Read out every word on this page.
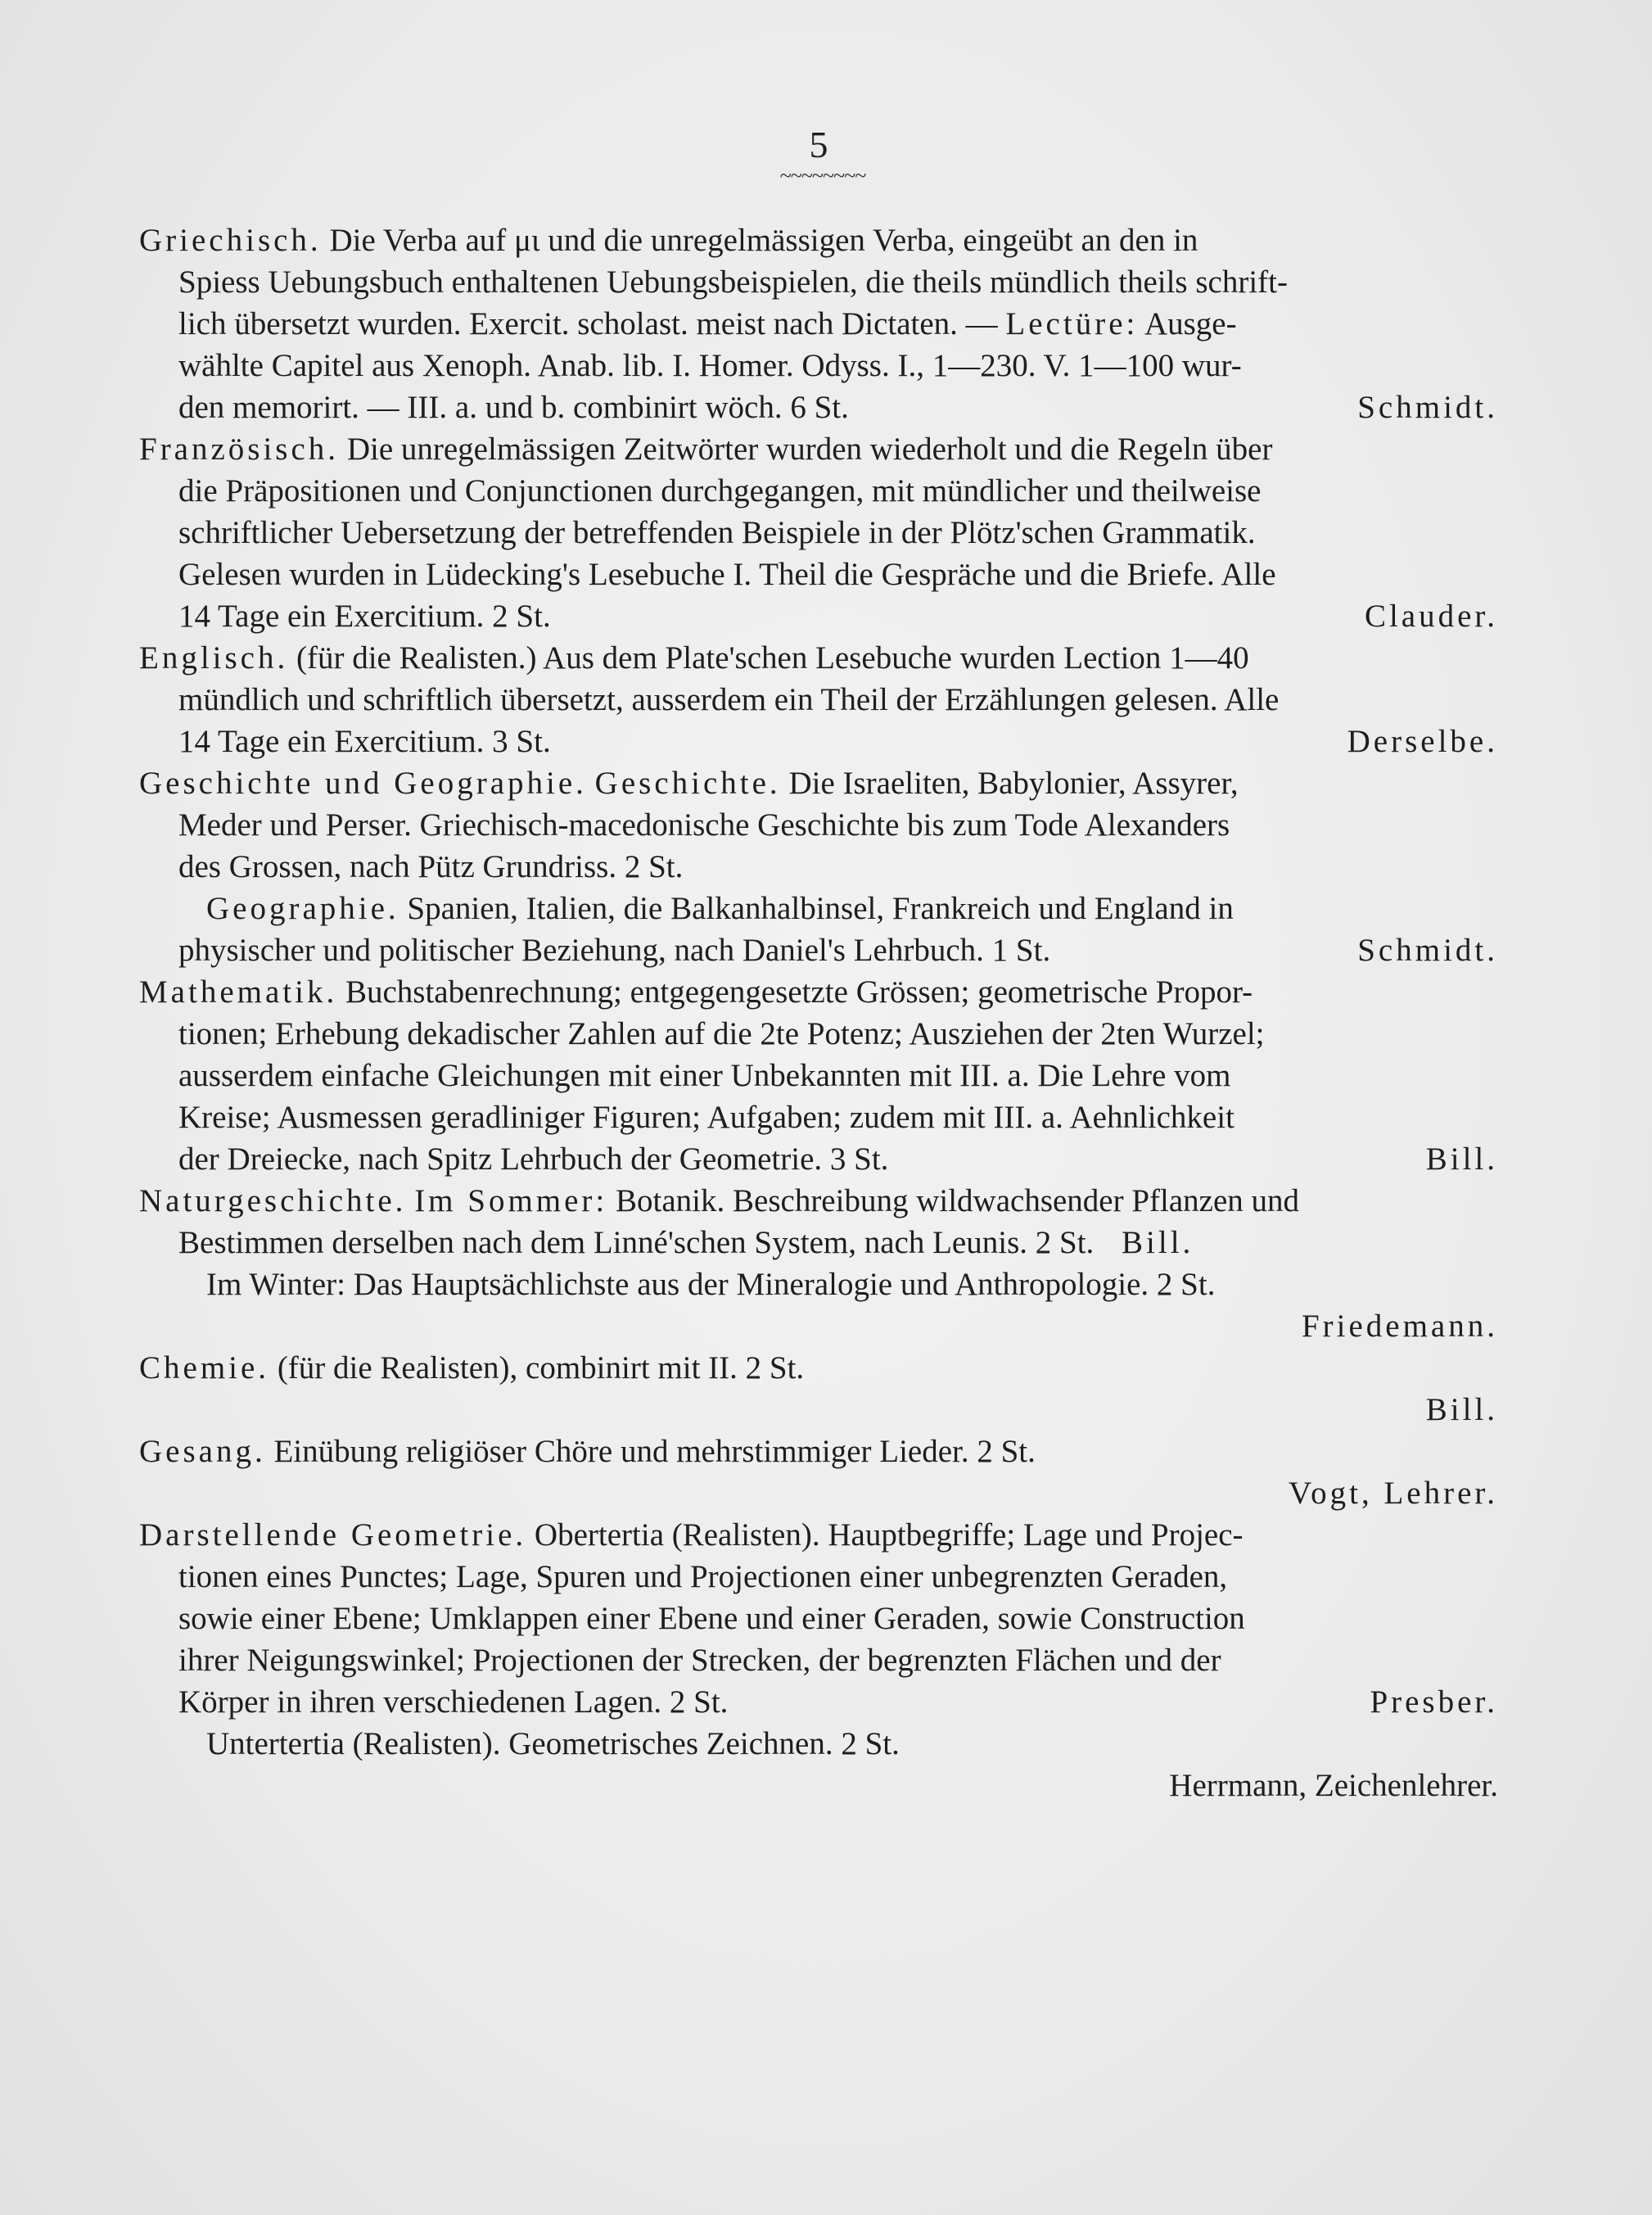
5
~~~~~~~~
Griechisch. Die Verba auf μι und die unregelmässigen Verba, eingeübt an den in
Spiess Uebungsbuch enthaltenen Uebungsbeispielen, die theils mündlich theils schrift-
lich übersetzt wurden. Exercit. scholast. meist nach Dictaten. — Lectüre: Ausge-
wählte Capitel aus Xenoph. Anab. lib. I. Homer. Odyss. I., 1—230. V. 1—100 wur-
den memorirt. — III. a. und b. combinirt wöch. 6 St.	Schmidt.
Französisch. Die unregelmässigen Zeitwörter wurden wiederholt und die Regeln über
die Präpositionen und Conjunctionen durchgegangen, mit mündlicher und theilweise
schriftlicher Uebersetzung der betreffenden Beispiele in der Plötz'schen Grammatik.
Gelesen wurden in Lüdecking's Lesebuche I. Theil die Gespräche und die Briefe. Alle
14 Tage ein Exercitium. 2 St.	Clauder.
Englisch. (für die Realisten.) Aus dem Plate'schen Lesebuche wurden Lection 1—40
mündlich und schriftlich übersetzt, ausserdem ein Theil der Erzählungen gelesen. Alle
14 Tage ein Exercitium. 3 St.	Derselbe.
Geschichte und Geographie. Geschichte. Die Israeliten, Babylonier, Assyrer,
Meder und Perser. Griechisch-macedonische Geschichte bis zum Tode Alexanders
des Grossen, nach Pütz Grundriss. 2 St.
Geographie. Spanien, Italien, die Balkanhalbinsel, Frankreich und England in
physischer und politischer Beziehung, nach Daniel's Lehrbuch. 1 St.	Schmidt.
Mathematik. Buchstabenrechnung; entgegengesetzte Grössen; geometrische Propor-
tionen; Erhebung dekadischer Zahlen auf die 2te Potenz; Ausziehen der 2ten Wurzel;
ausserdem einfache Gleichungen mit einer Unbekannten mit III. a. Die Lehre vom
Kreise; Ausmessen geradliniger Figuren; Aufgaben; zudem mit III. a. Aehnlichkeit
der Dreiecke, nach Spitz Lehrbuch der Geometrie. 3 St.	Bill.
Naturgeschichte. Im Sommer: Botanik. Beschreibung wildwachsender Pflanzen und
Bestimmen derselben nach dem Linné'schen System, nach Leunis. 2 St. Bill.
Im Winter: Das Hauptsächlichste aus der Mineralogie und Anthropologie. 2 St.
Friedemann.
Chemie. (für die Realisten), combinirt mit II. 2 St.
Bill.
Gesang. Einübung religiöser Chöre und mehrstimmiger Lieder. 2 St.
Vogt, Lehrer.
Darstellende Geometrie. Obertertia (Realisten). Hauptbegriffe; Lage und Projec-
tionen eines Punctes; Lage, Spuren und Projectionen einer unbegrenzten Geraden,
sowie einer Ebene; Umklappen einer Ebene und einer Geraden, sowie Construction
ihrer Neigungswinkel; Projectionen der Strecken, der begrenzten Flächen und der
Körper in ihren verschiedenen Lagen. 2 St.	Presber.
Untertertia (Realisten). Geometrisches Zeichnen. 2 St.
Herrmann, Zeichenlehrer.
